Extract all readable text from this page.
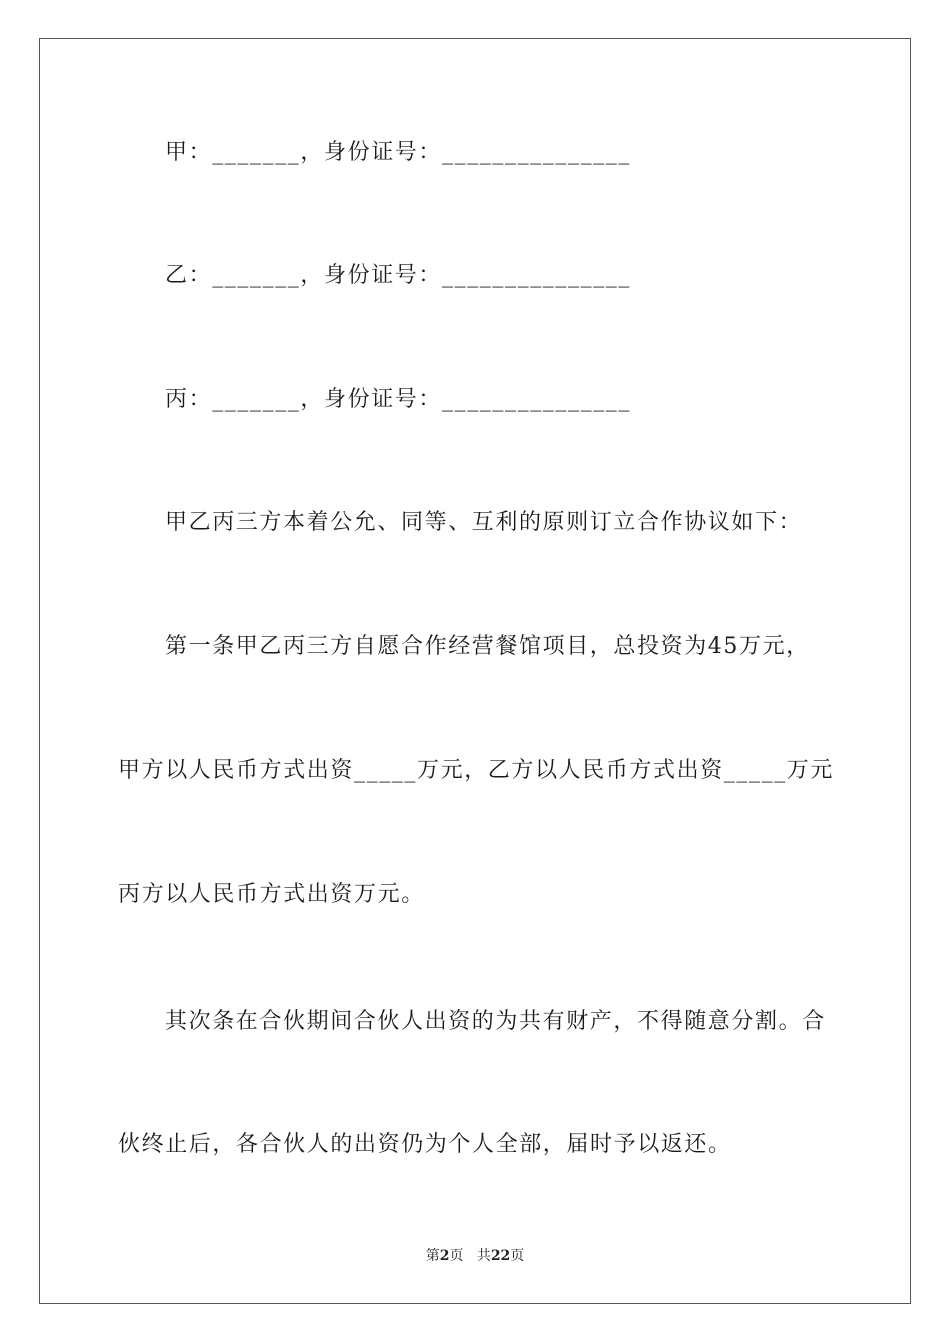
甲：_______，身份证号：_______________
乙：_______，身份证号：_______________
丙：_______，身份证号：_______________
甲乙丙三方本着公允、同等、互利的原则订立合作协议如下：
第一条甲乙丙三方自愿合作经营餐馆项目，总投资为45万元，
甲方以人民币方式出资_____万元，乙方以人民币方式出资_____万元
丙方以人民币方式出资万元。
其次条在合伙期间合伙人出资的为共有财产，不得随意分割。合
伙终止后，各合伙人的出资仍为个人全部，届时予以返还。
第2页 共22页
